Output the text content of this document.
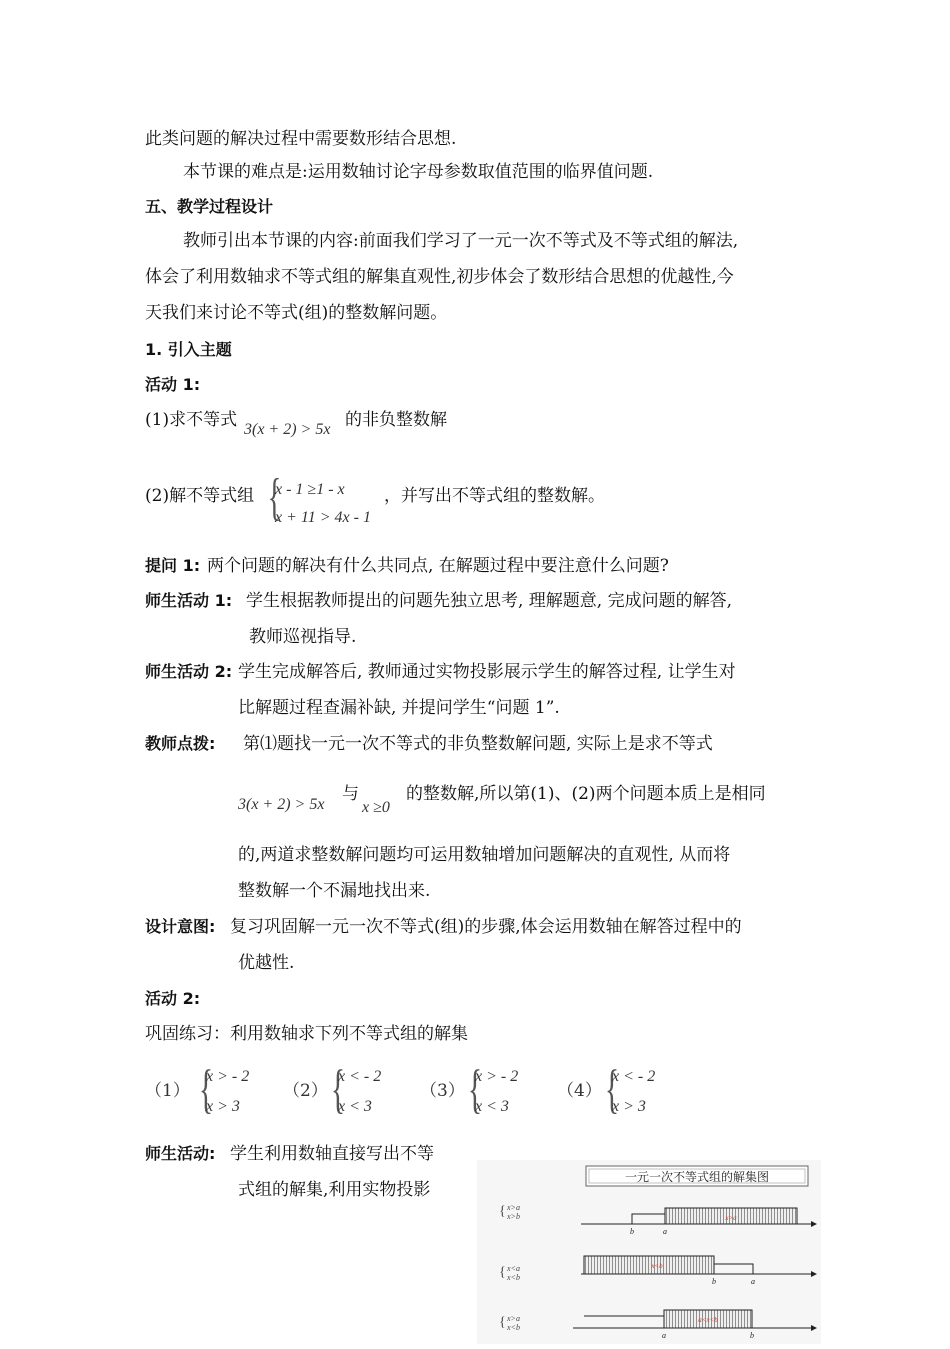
此类问题的解决过程中需要数形结合思想.
本节课的难点是:运用数轴讨论字母参数取值范围的临界值问题.
五、教学过程设计
教师引出本节课的内容:前面我们学习了一元一次不等式及不等式组的解法,
体会了利用数轴求不等式组的解集直观性,初步体会了数形结合思想的优越性,今
天我们来讨论不等式(组)的整数解问题。
1. 引入主题
活动 1:
(1)求不等式 3(x + 2) > 5x 的非负整数解
(2)解不等式组 {
x - 1 ≥1 - x
x + 11 > 4x - 1
，并写出不等式组的整数解。
提问 1: 两个问题的解决有什么共同点, 在解题过程中要注意什么问题?
师生活动 1: 学生根据教师提出的问题先独立思考, 理解题意, 完成问题的解答,
教师巡视指导.
师生活动 2: 学生完成解答后, 教师通过实物投影展示学生的解答过程, 让学生对
比解题过程查漏补缺, 并提问学生“问题 1”.
教师点拨: 第⑴题找一元一次不等式的非负整数解问题, 实际上是求不等式
3(x + 2) > 5x
与
x ≥0
的整数解,所以第(1)、(2)两个问题本质上是相同
的,两道求整数解问题均可运用数轴增加问题解决的直观性, 从而将
整数解一个不漏地找出来.
设计意图: 复习巩固解一元一次不等式(组)的步骤,体会运用数轴在解答过程中的
优越性.
活动 2:
巩固练习：利用数轴求下列不等式组的解集
（1） {
x > - 2
x > 3
（2） {
x < - 2
x < 3
（3） {
x > - 2
x < 3
（4） {
x < - 2
x > 3
师生活动: 学生利用数轴直接写出不等
式组的解集,利用实物投影
一元一次不等式组的解集图
{ x>a
x>b	x>a
b	a
{ x<a
x<b
x<b
b	a
{ x>a
x<b
a<x<b
a	b
